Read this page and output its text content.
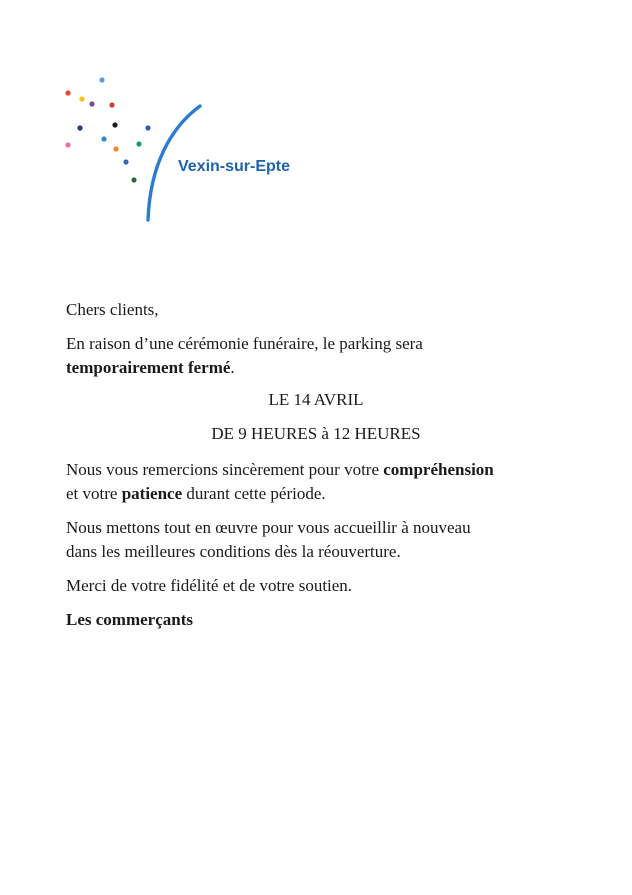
Vexin-sur-Epte

Chers clients,

En raison d’une cérémonie funéraire, le parking sera
temporairement fermé.

LE 14 AVRIL

DE 9 HEURES à 12 HEURES

Nous vous remercions sincèrement pour votre compréhension
et votre patience durant cette période.

Nous mettons tout en œuvre pour vous accueillir à nouveau
dans les meilleures conditions dès la réouverture.

Merci de votre fidélité et de votre soutien.

Les commerçants
